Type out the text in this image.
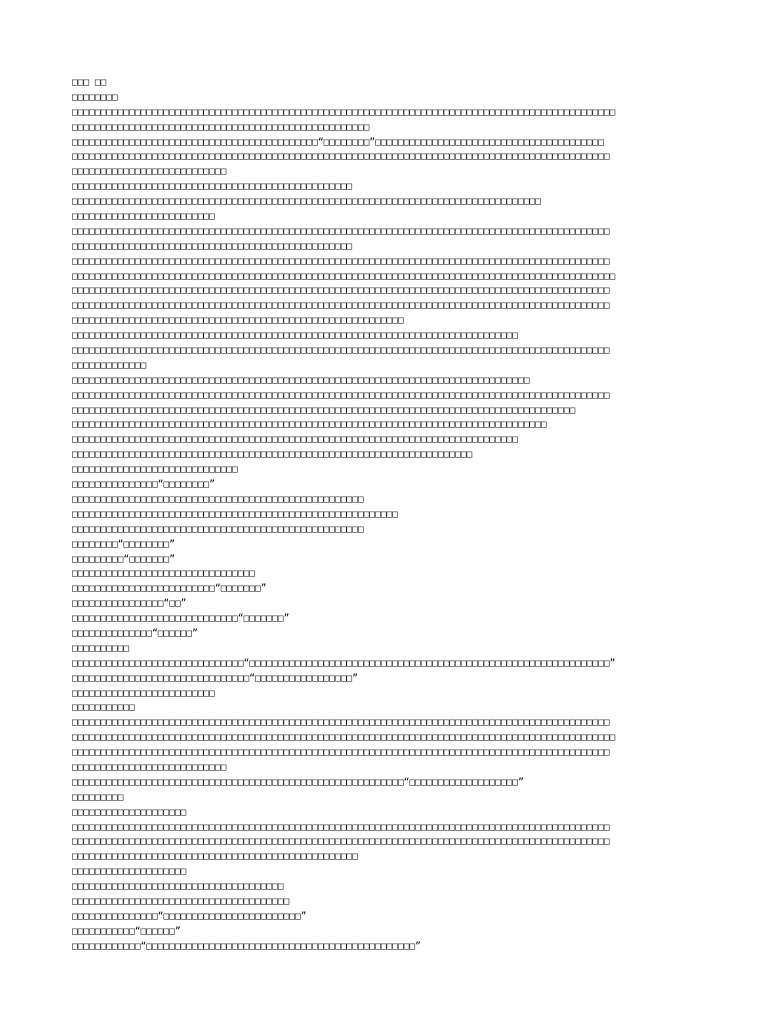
□□□ □□
□□□□□□□□
□□□□□□□□□□□□□□□□□□□□□□□□□□□□□□□□□□□□□□□□□□□□□□□□□□□□□□□□□□□□□□□□□□□□□□□□□□□□□□□□□□□□□□□□□□□□□□□
□□□□□□□□□□□□□□□□□□□□□□□□□□□□□□□□□□□□□□□□□□□□□□□□□□□□
□□□□□□□□□□□□□□□□□□□□□□□□□□□□□□□□□□□□□□□□□□□“□□□□□□□□”□□□□□□□□□□□□□□□□□□□□□□□□□□□□□□□□□□□□□□□□
□□□□□□□□□□□□□□□□□□□□□□□□□□□□□□□□□□□□□□□□□□□□□□□□□□□□□□□□□□□□□□□□□□□□□□□□□□□□□□□□□□□□□□□□□□□□□□
□□□□□□□□□□□□□□□□□□□□□□□□□□□
□□□□□□□□□□□□□□□□□□□□□□□□□□□□□□□□□□□□□□□□□□□□□□□□□
□□□□□□□□□□□□□□□□□□□□□□□□□□□□□□□□□□□□□□□□□□□□□□□□□□□□□□□□□□□□□□□□□□□□□□□□□□□□□□□□□□
□□□□□□□□□□□□□□□□□□□□□□□□□
□□□□□□□□□□□□□□□□□□□□□□□□□□□□□□□□□□□□□□□□□□□□□□□□□□□□□□□□□□□□□□□□□□□□□□□□□□□□□□□□□□□□□□□□□□□□□□
□□□□□□□□□□□□□□□□□□□□□□□□□□□□□□□□□□□□□□□□□□□□□□□□□
□□□□□□□□□□□□□□□□□□□□□□□□□□□□□□□□□□□□□□□□□□□□□□□□□□□□□□□□□□□□□□□□□□□□□□□□□□□□□□□□□□□□□□□□□□□□□□
□□□□□□□□□□□□□□□□□□□□□□□□□□□□□□□□□□□□□□□□□□□□□□□□□□□□□□□□□□□□□□□□□□□□□□□□□□□□□□□□□□□□□□□□□□□□□□□
□□□□□□□□□□□□□□□□□□□□□□□□□□□□□□□□□□□□□□□□□□□□□□□□□□□□□□□□□□□□□□□□□□□□□□□□□□□□□□□□□□□□□□□□□□□□□□
□□□□□□□□□□□□□□□□□□□□□□□□□□□□□□□□□□□□□□□□□□□□□□□□□□□□□□□□□□□□□□□□□□□□□□□□□□□□□□□□□□□□□□□□□□□□□□
□□□□□□□□□□□□□□□□□□□□□□□□□□□□□□□□□□□□□□□□□□□□□□□□□□□□□□□□□□
□□□□□□□□□□□□□□□□□□□□□□□□□□□□□□□□□□□□□□□□□□□□□□□□□□□□□□□□□□□□□□□□□□□□□□□□□□□□□□
□□□□□□□□□□□□□□□□□□□□□□□□□□□□□□□□□□□□□□□□□□□□□□□□□□□□□□□□□□□□□□□□□□□□□□□□□□□□□□□□□□□□□□□□□□□□□□
□□□□□□□□□□□□□
□□□□□□□□□□□□□□□□□□□□□□□□□□□□□□□□□□□□□□□□□□□□□□□□□□□□□□□□□□□□□□□□□□□□□□□□□□□□□□□□
□□□□□□□□□□□□□□□□□□□□□□□□□□□□□□□□□□□□□□□□□□□□□□□□□□□□□□□□□□□□□□□□□□□□□□□□□□□□□□□□□□□□□□□□□□□□□□
□□□□□□□□□□□□□□□□□□□□□□□□□□□□□□□□□□□□□□□□□□□□□□□□□□□□□□□□□□□□□□□□□□□□□□□□□□□□□□□□□□□□□□□□
□□□□□□□□□□□□□□□□□□□□□□□□□□□□□□□□□□□□□□□□□□□□□□□□□□□□□□□□□□□□□□□□□□□□□□□□□□□□□□□□□□□
□□□□□□□□□□□□□□□□□□□□□□□□□□□□□□□□□□□□□□□□□□□□□□□□□□□□□□□□□□□□□□□□□□□□□□□□□□□□□□
□□□□□□□□□□□□□□□□□□□□□□□□□□□□□□□□□□□□□□□□□□□□□□□□□□□□□□□□□□□□□□□□□□□□□□
□□□□□□□□□□□□□□□□□□□□□□□□□□□□□
□□□□□□□□□□□□□□□“□□□□□□□□”
□□□□□□□□□□□□□□□□□□□□□□□□□□□□□□□□□□□□□□□□□□□□□□□□□□□
□□□□□□□□□□□□□□□□□□□□□□□□□□□□□□□□□□□□□□□□□□□□□□□□□□□□□□□□□
□□□□□□□□□□□□□□□□□□□□□□□□□□□□□□□□□□□□□□□□□□□□□□□□□□□
□□□□□□□□“□□□□□□□□”
□□□□□□□□□“□□□□□□□”
□□□□□□□□□□□□□□□□□□□□□□□□□□□□□□□□
□□□□□□□□□□□□□□□□□□□□□□□□□“□□□□□□□”
□□□□□□□□□□□□□□□□“□□”
□□□□□□□□□□□□□□□□□□□□□□□□□□□□□“□□□□□□□”
□□□□□□□□□□□□□□“□□□□□□”
□□□□□□□□□□
□□□□□□□□□□□□□□□□□□□□□□□□□□□□□□“□□□□□□□□□□□□□□□□□□□□□□□□□□□□□□□□□□□□□□□□□□□□□□□□□□□□□□□□□□□□□□□”
□□□□□□□□□□□□□□□□□□□□□□□□□□□□□□□“□□□□□□□□□□□□□□□□□”
□□□□□□□□□□□□□□□□□□□□□□□□□
□□□□□□□□□□□
□□□□□□□□□□□□□□□□□□□□□□□□□□□□□□□□□□□□□□□□□□□□□□□□□□□□□□□□□□□□□□□□□□□□□□□□□□□□□□□□□□□□□□□□□□□□□□
□□□□□□□□□□□□□□□□□□□□□□□□□□□□□□□□□□□□□□□□□□□□□□□□□□□□□□□□□□□□□□□□□□□□□□□□□□□□□□□□□□□□□□□□□□□□□□□
□□□□□□□□□□□□□□□□□□□□□□□□□□□□□□□□□□□□□□□□□□□□□□□□□□□□□□□□□□□□□□□□□□□□□□□□□□□□□□□□□□□□□□□□□□□□□□
□□□□□□□□□□□□□□□□□□□□□□□□□□□
□□□□□□□□□□□□□□□□□□□□□□□□□□□□□□□□□□□□□□□□□□□□□□□□□□□□□□□□□□“□□□□□□□□□□□□□□□□□□□”
□□□□□□□□□
□□□□□□□□□□□□□□□□□□□□
□□□□□□□□□□□□□□□□□□□□□□□□□□□□□□□□□□□□□□□□□□□□□□□□□□□□□□□□□□□□□□□□□□□□□□□□□□□□□□□□□□□□□□□□□□□□□□
□□□□□□□□□□□□□□□□□□□□□□□□□□□□□□□□□□□□□□□□□□□□□□□□□□□□□□□□□□□□□□□□□□□□□□□□□□□□□□□□□□□□□□□□□□□□□□
□□□□□□□□□□□□□□□□□□□□□□□□□□□□□□□□□□□□□□□□□□□□□□□□□□
□□□□□□□□□□□□□□□□□□□□
□□□□□□□□□□□□□□□□□□□□□□□□□□□□□□□□□□□□□
□□□□□□□□□□□□□□□□□□□□□□□□□□□□□□□□□□□□□□
□□□□□□□□□□□□□□□“□□□□□□□□□□□□□□□□□□□□□□□□”
□□□□□□□□□□□“□□□□□□”
□□□□□□□□□□□□“□□□□□□□□□□□□□□□□□□□□□□□□□□□□□□□□□□□□□□□□□□□□□□□”
